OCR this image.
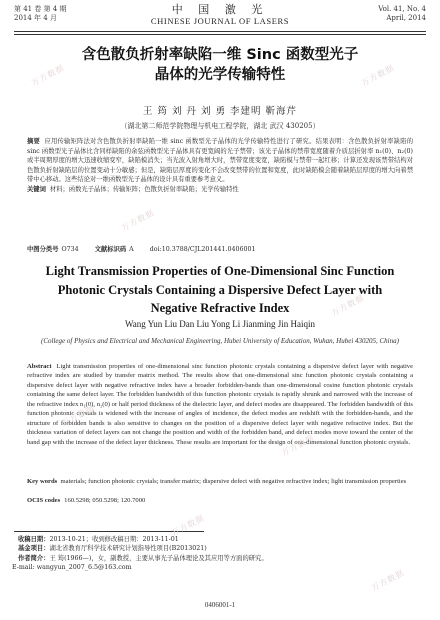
第 41 卷 第 4 期
2014 年 4 月
中 国 激 光
CHINESE JOURNAL OF LASERS
Vol. 41, No. 4
April, 2014
含色散负折射率缺陷一维 Sinc 函数型光子
晶体的光学传输特性
王 筠 刘 丹 刘 勇 李建明 靳海芹
（湖北第二师范学院物理与机电工程学院，湖北 武汉 430205）
摘要 应用传输矩阵法对含色散负折射率缺陷一维 sinc 函数型光子晶体的光学传输特性进行了研究。结果表明：含色散负折射率缺陷的 sinc 函数型光子晶体比含同样缺陷的余弦函数型光子晶体具有更宽阔的光子禁带；该光子晶体的禁带宽度随着介质层折射率 n₁(0)、n₂(0)或半周期厚度的增大迅速收缩变窄，缺陷模消失；当光波入射角增大时，禁带宽度变宽，缺陷模与禁带一起红移；计算还发现该禁带结构对色散负折射缺陷层的位置变动十分敏感；但是，缺陷层厚度的变化不会改变禁带的位置和宽度，此时缺陷模会随着缺陷层厚度的增大向着禁带中心移动。这些结论对一维函数型光子晶体的设计具有重要参考意义。
关键词 材料；函数光子晶体；传输矩阵；色散负折射率缺陷；光学传输特性
中图分类号 O734	文献标识码 A	doi:10.3788/CJL201441.0406001
Light Transmission Properties of One-Dimensional Sinc Function
Photonic Crystals Containing a Dispersive Defect Layer with
Negative Refractive Index
Wang Yun Liu Dan Liu Yong Li Jianming Jin Haiqin
(College of Physics and Electrical and Mechanical Engineering, Hubei University of Education, Wuhan, Hubei 430205, China)
Abstract Light transmission properties of one-dimensional sinc function photonic crystals containing a dispersive defect layer with negative refractive index are studied by transfer matrix method. The results show that one-dimensional sinc function photonic crystals containing a dispersive defect layer with negative refractive index have a broader forbidden-bands than one-dimensional cosine function photonic crystals containing the same defect layer. The forbidden bandwidth of this function photonic crystals is rapidly shrunk and narrowed with the increase of the refractive index n₁(0), n₂(0) or half period thickness of the dielectric layer, and defect modes are disappeared. The forbidden bandwidth of this function photonic crystals is widened with the increase of angles of incidence, the defect modes are redshift with the forbidden-bands, and the structure of forbidden bands is also sensitive to changes on the position of a dispersive defect layer with negative refractive index. But the thickness variation of defect layers can not change the position and width of the forbidden band, and defect modes move toward the center of the band gap with the increase of the defect layer thickness. These results are important for the design of one-dimensional function photonic crystals.
Key words materials; function photonic crystals; transfer matrix; dispersive defect with negative refractive index; light transmission properties
OCIS codes 160.5298; 050.5298; 120.7000
收稿日期：2013-10-21；收到修改稿日期：2013-11-01
基金项目：湖北省教育厅科学技术研究计划指导性项目(B2013021)
作者简介：王 筠(1966—)，女，副教授，主要从事光子晶体理论及其应用等方面的研究。
E-mail: wangyun_2007_6.5@163.com
0406001-1
万方数据	万方数据
万方数据
万方数据
万方数据
万方数据
万方数据
万方数据
